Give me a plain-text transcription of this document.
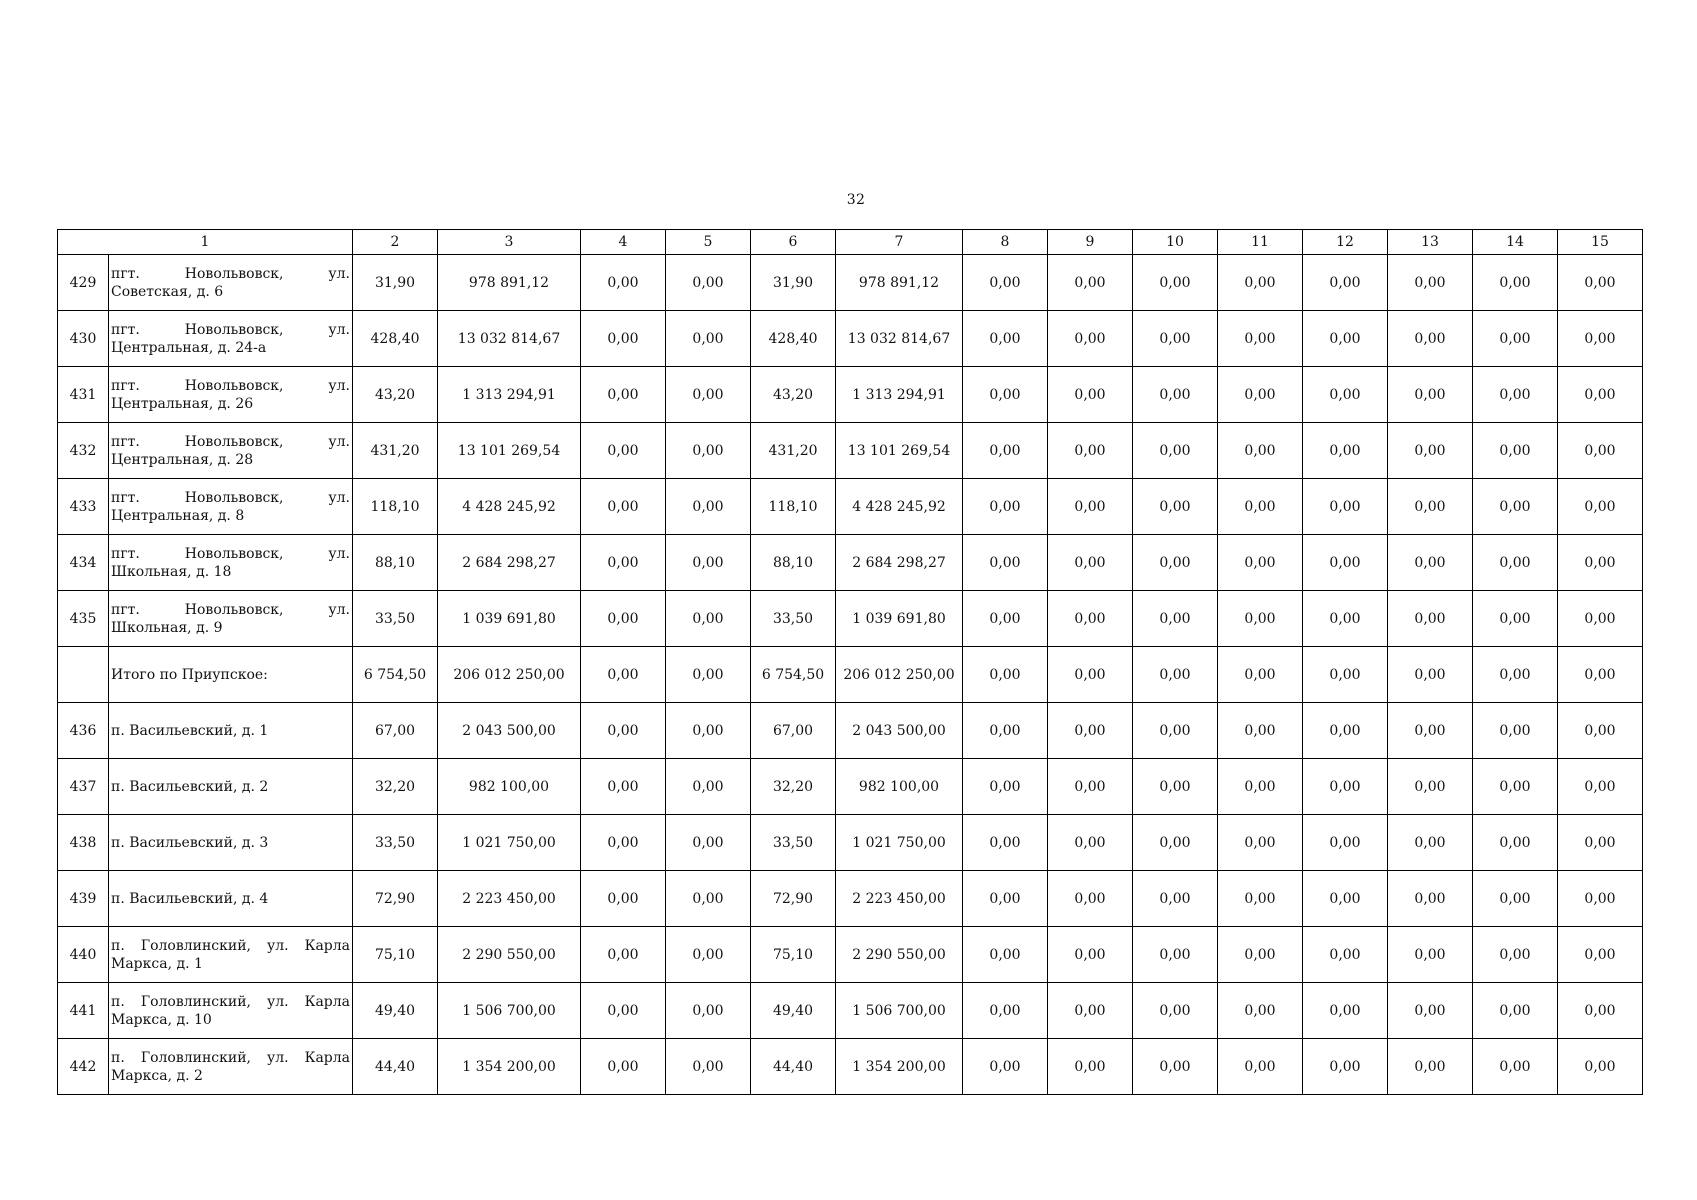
32
1		2	3	4	5	6	7	8	9	10	11	12	13	14	15
429	пгт. Новольвовск, ул. Советская, д. 6	31,90	978 891,12	0,00	0,00	31,90	978 891,12	0,00	0,00	0,00	0,00	0,00	0,00	0,00	0,00
430	пгт. Новольвовск, ул. Центральная, д. 24-а	428,40	13 032 814,67	0,00	0,00	428,40	13 032 814,67	0,00	0,00	0,00	0,00	0,00	0,00	0,00	0,00
431	пгт. Новольвовск, ул. Центральная, д. 26	43,20	1 313 294,91	0,00	0,00	43,20	1 313 294,91	0,00	0,00	0,00	0,00	0,00	0,00	0,00	0,00
432	пгт. Новольвовск, ул. Центральная, д. 28	431,20	13 101 269,54	0,00	0,00	431,20	13 101 269,54	0,00	0,00	0,00	0,00	0,00	0,00	0,00	0,00
433	пгт. Новольвовск, ул. Центральная, д. 8	118,10	4 428 245,92	0,00	0,00	118,10	4 428 245,92	0,00	0,00	0,00	0,00	0,00	0,00	0,00	0,00
434	пгт. Новольвовск, ул. Школьная, д. 18	88,10	2 684 298,27	0,00	0,00	88,10	2 684 298,27	0,00	0,00	0,00	0,00	0,00	0,00	0,00	0,00
435	пгт. Новольвовск, ул. Школьная, д. 9	33,50	1 039 691,80	0,00	0,00	33,50	1 039 691,80	0,00	0,00	0,00	0,00	0,00	0,00	0,00	0,00
	Итого по Приупское:	6 754,50	206 012 250,00	0,00	0,00	6 754,50	206 012 250,00	0,00	0,00	0,00	0,00	0,00	0,00	0,00	0,00
436	п. Васильевский, д. 1	67,00	2 043 500,00	0,00	0,00	67,00	2 043 500,00	0,00	0,00	0,00	0,00	0,00	0,00	0,00	0,00
437	п. Васильевский, д. 2	32,20	982 100,00	0,00	0,00	32,20	982 100,00	0,00	0,00	0,00	0,00	0,00	0,00	0,00	0,00
438	п. Васильевский, д. 3	33,50	1 021 750,00	0,00	0,00	33,50	1 021 750,00	0,00	0,00	0,00	0,00	0,00	0,00	0,00	0,00
439	п. Васильевский, д. 4	72,90	2 223 450,00	0,00	0,00	72,90	2 223 450,00	0,00	0,00	0,00	0,00	0,00	0,00	0,00	0,00
440	п. Головлинский, ул. Карла Маркса, д. 1	75,10	2 290 550,00	0,00	0,00	75,10	2 290 550,00	0,00	0,00	0,00	0,00	0,00	0,00	0,00	0,00
441	п. Головлинский, ул. Карла Маркса, д. 10	49,40	1 506 700,00	0,00	0,00	49,40	1 506 700,00	0,00	0,00	0,00	0,00	0,00	0,00	0,00	0,00
442	п. Головлинский, ул. Карла Маркса, д. 2	44,40	1 354 200,00	0,00	0,00	44,40	1 354 200,00	0,00	0,00	0,00	0,00	0,00	0,00	0,00	0,00
